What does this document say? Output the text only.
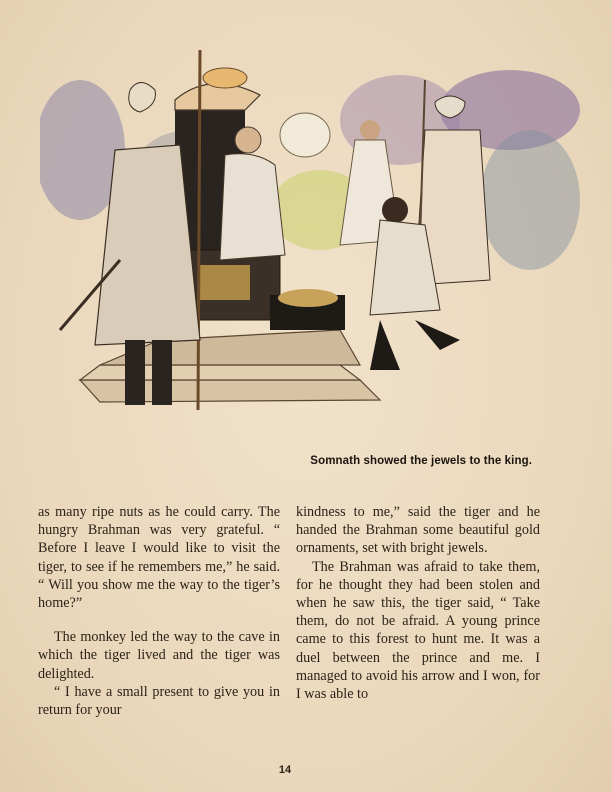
Somnath showed the jewels to the king.

as many ripe nuts as he could carry. The hungry Brahman was very grateful. “ Before I leave I would like to visit the tiger, to see if he remembers me,” he said. “ Will you show me the way to the tiger’s home?”

The monkey led the way to the cave in which the tiger lived and the tiger was delighted.

“ I have a small present to give you in return for your

kindness to me,” said the tiger and he handed the Brahman some beautiful gold ornaments, set with bright jewels.

The Brahman was afraid to take them, for he thought they had been stolen and when he saw this, the tiger said, “ Take them, do not be afraid. A young prince came to this forest to hunt me. It was a duel between the prince and me. I managed to avoid his arrow and I won, for I was able to

14
